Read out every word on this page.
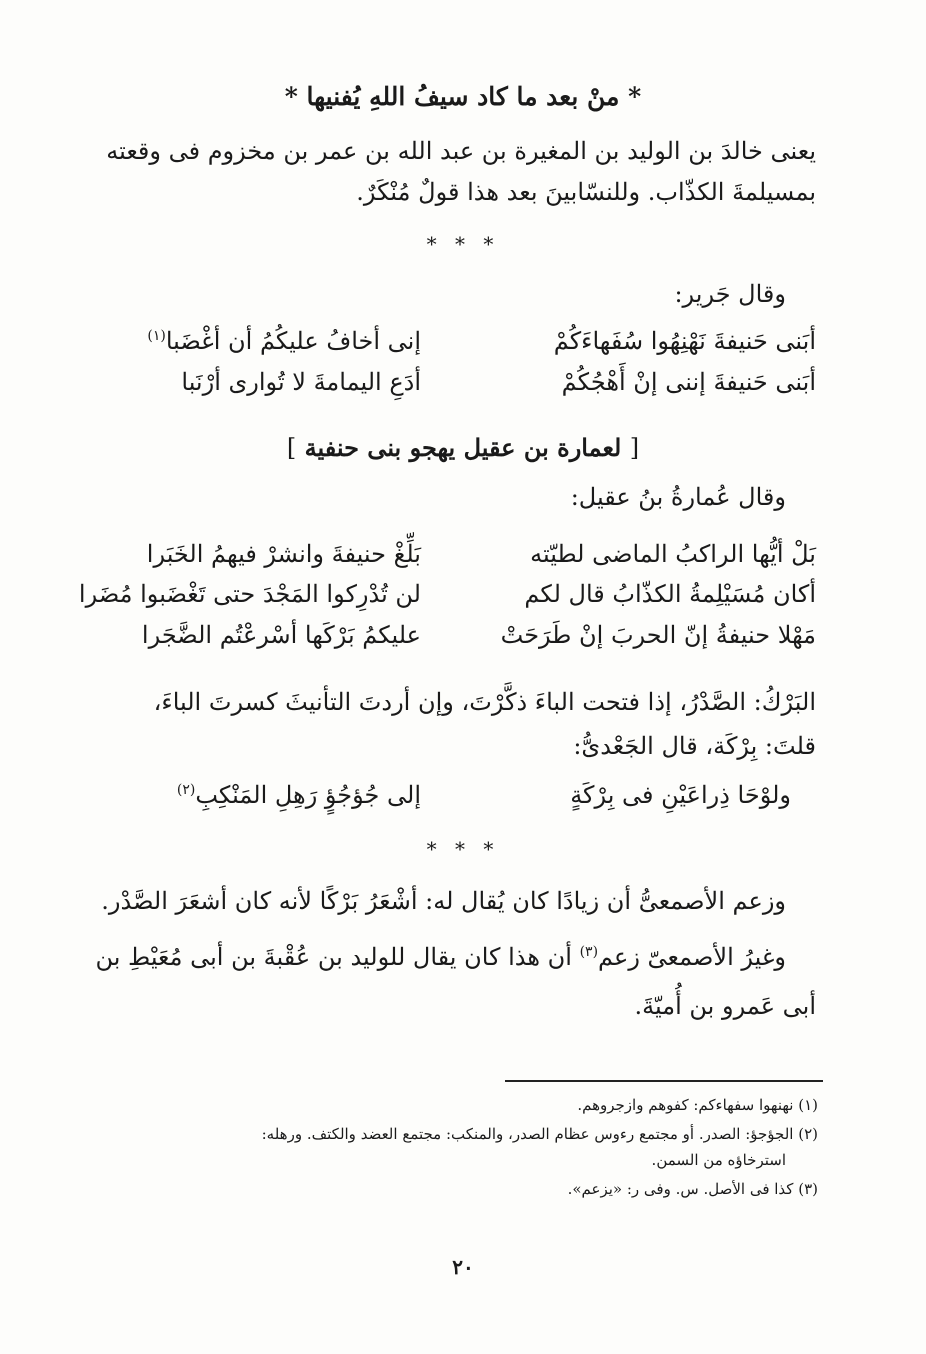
* منْ بعد ما كاد سيفُ اللهِ يُفنيها *
يعنى خالدَ بن الوليد بن المغيرة بن عبد الله بن عمر بن مخزوم فى وقعته
بمسيلمةَ الكذّاب. وللنسّابينَ بعد هذا قولٌ مُنْكَرٌ.
* * *
وقال جَرير:
أبَنى حَنيفةَ نَهْنِهُوا سُفَهاءَكُمْ
إنى أخافُ عليكُمُ أن أغْضَبا$^{(١)}$
أبَنى حَنيفةَ إننى إنْ أَهْجُكُمْ
أدَعِ اليمامةَ لا تُوارى أرْنَبا
[ لعمارة بن عقيل يهجو بنى حنفية ]
وقال عُمارةُ بنُ عقيل:
بَلْ أيُّها الراكبُ الماضى لطيّته
بَلِّغْ حنيفةَ وانشرْ فيهمُ الخَبَرا
أكان مُسَيْلِمةُ الكذّابُ قال لكم
لن تُدْرِكوا المَجْدَ حتى تَغْضَبوا مُضَرا
مَهْلا حنيفةُ إنّ الحربَ إنْ طَرَحَتْ
عليكمُ بَرْكَها أسْرعْتُم الضَّجَرا
البَرْكُ: الصَّدْرُ، إذا فتحت الباءَ ذكَّرْتَ، وإن أردتَ التأنيثَ كسرتَ الباءَ،
قلتَ: بِرْكَة، قال الجَعْدىُّ:
ولوْحَا ذِراعَيْنِ فى بِرْكَةٍ
إلى جُؤجُؤٍ رَهِلِ المَنْكِبِ$^{(٢)}$
* * *
وزعم الأصمعىُّ أن زيادًا كان يُقال له: أشْعَرُ بَرْكًا لأنه كان أشعَرَ الصَّدْر.
وغيرُ الأصمعىّ زعم$^{(٣)}$ أن هذا كان يقال للوليد بن عُقْبةَ بن أبى مُعَيْطِ بن
أبى عَمرو بن أُميّةَ.
(١) نهنهوا سفهاءكم: كفوهم وازجروهم.
(٢) الجؤجؤ: الصدر. أو مجتمع رءوس عظام الصدر، والمنكب: مجتمع العضد والكتف. ورهله:
استرخاؤه من السمن.
(٣) كذا فى الأصل. س. وفى ر: «يزعم».
٢٠
